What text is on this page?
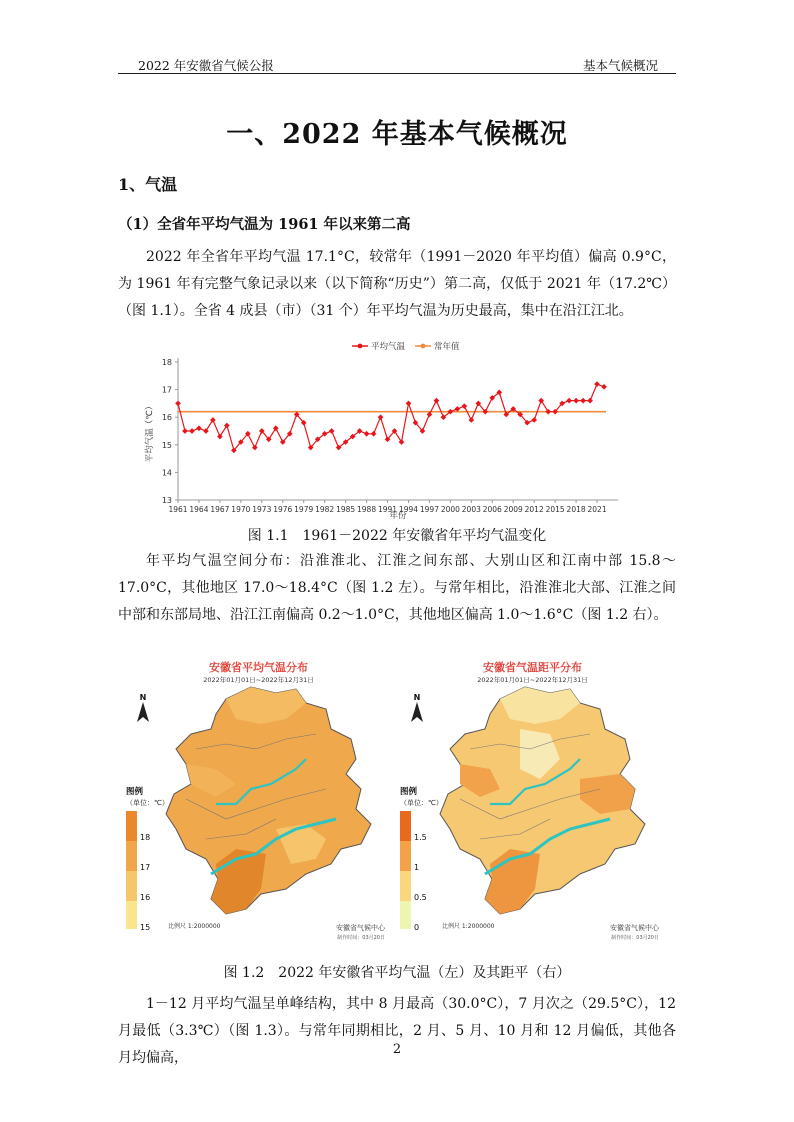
2022 年安徽省气候公报	基本气候概况
一、2022 年基本气候概况
1、气温
（1）全省年平均气温为 1961 年以来第二高
2022 年全省年平均气温 17.1°C，较常年（1991－2020 年平均值）偏高 0.9°C，为 1961 年有完整气象记录以来（以下简称“历史”）第二高，仅低于 2021 年（17.2℃）（图 1.1）。全省 4 成县（市）（31 个）年平均气温为历史最高，集中在沿江江北。
平均气温	常年值
13
14
15
16
17
18
1961 1964 1967 1970 1973 1976 1979 1982 1985 1988 1991 1994 1997 2000 2003 2006 2009 2012 2015 2018 2021
平均气温（℃）
年份
图 1.1　1961－2022 年安徽省年平均气温变化
年平均气温空间分布：沿淮淮北、江淮之间东部、大别山区和江南中部 15.8～17.0°C，其他地区 17.0～18.4°C（图 1.2 左）。与常年相比，沿淮淮北大部、江淮之间中部和东部局地、沿江江南偏高 0.2～1.0°C，其他地区偏高 1.0～1.6°C（图 1.2 右）。
安徽省平均气温分布
2022年01月01日~2022年12月31日
N
图例
（单位：℃）
18
17
16
15	比例尺 1:2000000	安徽省气候中心
制作时间：03月20日
安徽省气温距平分布
2022年01月01日~2022年12月31日
N
图例
（单位：℃）
1.5
1
0.5
0	比例尺 1:2000000	安徽省气候中心
制作时间：03月20日
图 1.2　2022 年安徽省平均气温（左）及其距平（右）
1－12 月平均气温呈单峰结构，其中 8 月最高（30.0°C），7 月次之（29.5°C），12 月最低（3.3℃）（图 1.3）。与常年同期相比，2 月、5 月、10 月和 12 月偏低，其他各月均偏高，
2
